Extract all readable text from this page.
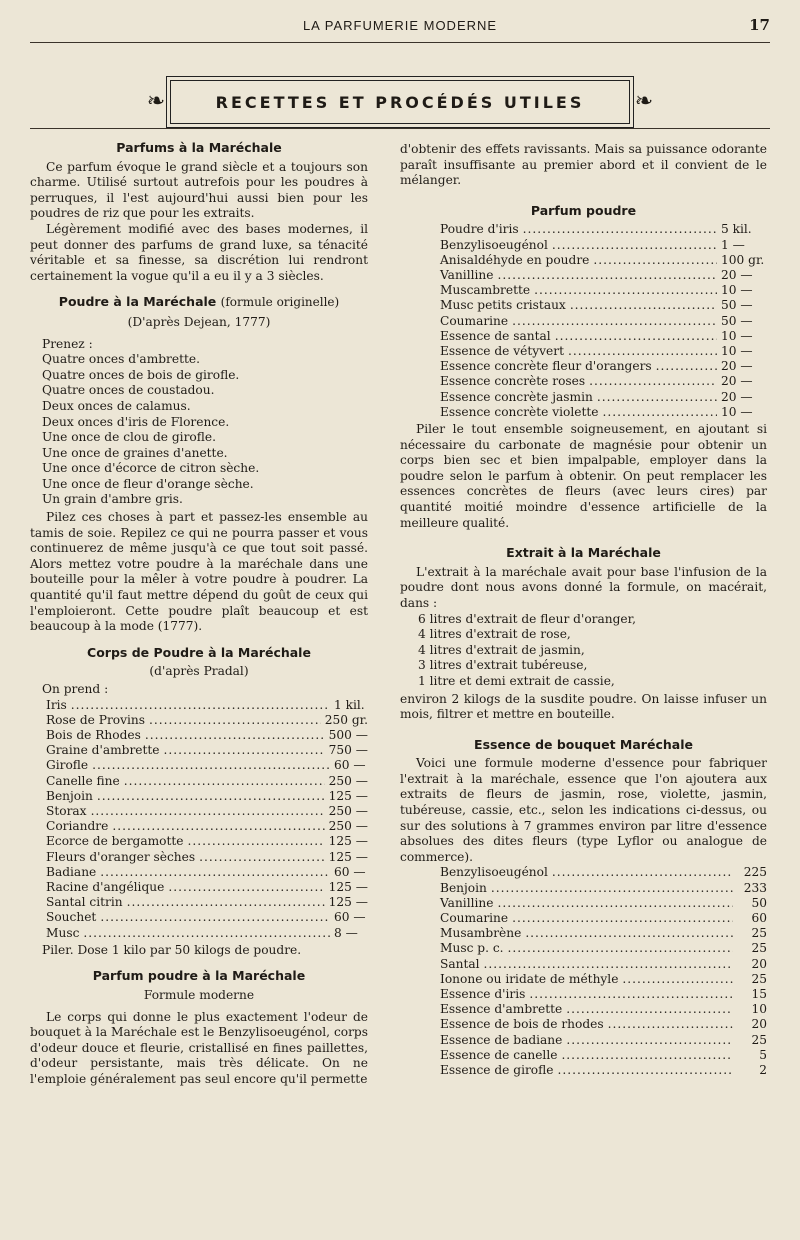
LA PARFUMERIE MODERNE	17
❧	RECETTES ET PROCÉDÉS UTILES ❧
Parfums à la Maréchale

Ce parfum évoque le grand siècle et a toujours son charme. Utilisé surtout autrefois pour les poudres à perruques, il l'est aujourd'hui aussi bien pour les poudres de riz que pour les extraits.

Légèrement modifié avec des bases modernes, il peut donner des parfums de grand luxe, sa ténacité véritable et sa finesse, sa discrétion lui rendront certainement la vogue qu'il a eu il y a 3 siècles.

Poudre à la Maréchale (formule originelle)
(D'après Dejean, 1777)
Prenez :
Quatre onces d'ambrette.
Quatre onces de bois de girofle.
Quatre onces de coustadou.
Deux onces de calamus.
Deux onces d'iris de Florence.
Une once de clou de girofle.
Une once de graines d'anette.
Une once d'écorce de citron sèche.
Une once de fleur d'orange sèche.
Un grain d'ambre gris.

Pilez ces choses à part et passez-les ensemble au tamis de soie. Repilez ce qui ne pourra passer et vous continuerez de même jusqu'à ce que tout soit passé. Alors mettez votre poudre à la maréchale dans une bouteille pour la mêler à votre poudre à poudrer. La quantité qu'il faut mettre dépend du goût de ceux qui l'emploieront. Cette poudre plaît beaucoup et est beaucoup à la mode (1777).

Corps de Poudre à la Maréchale
(d'après Pradal)
On prend :
Iris .....	1 kil.
Rose de Provins .....	250 gr.
Bois de Rhodes .....	500 —
Graine d'ambrette .....	750 —
Girofle .....	60 —
Canelle fine .....	250 —
Benjoin .....	125 —
Storax .....	250 —
Coriandre .....	250 —
Ecorce de bergamotte .....	125 —
Fleurs d'oranger sèches .....	125 —
Badiane .....	60 —
Racine d'angélique .....	125 —
Santal citrin .....	125 —
Souchet .....	60 —
Musc .....	8 —
Piler. Dose 1 kilo par 50 kilogs de poudre.
Parfum poudre à la Maréchale
Formule moderne

Le corps qui donne le plus exactement l'odeur de bouquet à la Maréchale est le Benzylisoeugénol, corps d'odeur douce et fleurie, cristallisé en fines paillettes, d'odeur persistante, mais très délicate. On ne l'emploie généralement pas seul encore qu'il permette

d'obtenir des effets ravissants. Mais sa puissance odorante paraît insuffisante au premier abord et il convient de le mélanger.

Parfum poudre
Poudre d'iris .....	5 kil.
Benzylisoeugénol .....	1 —
Anisaldéhyde en poudre .....	100 gr.
Vanilline .....	20 —
Muscambrette .....	10 —
Musc petits cristaux .....	50 —
Coumarine .....	50 —
Essence de santal .....	10 —
Essence de vétyvert .....	10 —
Essence concrète fleur d'orangers .....	20 —
Essence concrète roses .....	20 —
Essence concrète jasmin .....	20 —
Essence concrète violette .....	10 —

Piler le tout ensemble soigneusement, en ajoutant si nécessaire du carbonate de magnésie pour obtenir un corps bien sec et bien impalpable, employer dans la poudre selon le parfum à obtenir. On peut remplacer les essences concrètes de fleurs (avec leurs cires) par quantité moitié moindre d'essence artificielle de la meilleure qualité.

Extrait à la Maréchale

L'extrait à la maréchale avait pour base l'infusion de la poudre dont nous avons donné la formule, on macérait, dans :

6 litres d'extrait de fleur d'oranger,
4 litres d'extrait de rose,
4 litres d'extrait de jasmin,
3 litres d'extrait tubéreuse,
1 litre et demi extrait de cassie,

environ 2 kilogs de la susdite poudre. On laisse infuser un mois, filtrer et mettre en bouteille.

Essence de bouquet Maréchale

Voici une formule moderne d'essence pour fabriquer l'extrait à la maréchale, essence que l'on ajoutera aux extraits de fleurs de jasmin, rose, violette, jasmin, tubéreuse, cassie, etc., selon les indications ci-dessus, ou sur des solutions à 7 grammes environ par litre d'essence absolues des dites fleurs (type Lyflor ou analogue de commerce).

Benzylisoeugénol .....	225
Benjoin .....	233
Vanilline .....	50
Coumarine .....	60
Musambrène .....	25
Musc p. c. .....	25
Santal .....	20
Ionone ou iridate de méthyle .....	25
Essence d'iris .....	15
Essence d'ambrette .....	10
Essence de bois de rhodes .....	20
Essence de badiane .....	25
Essence de canelle .....	5
Essence de girofle .....	2
